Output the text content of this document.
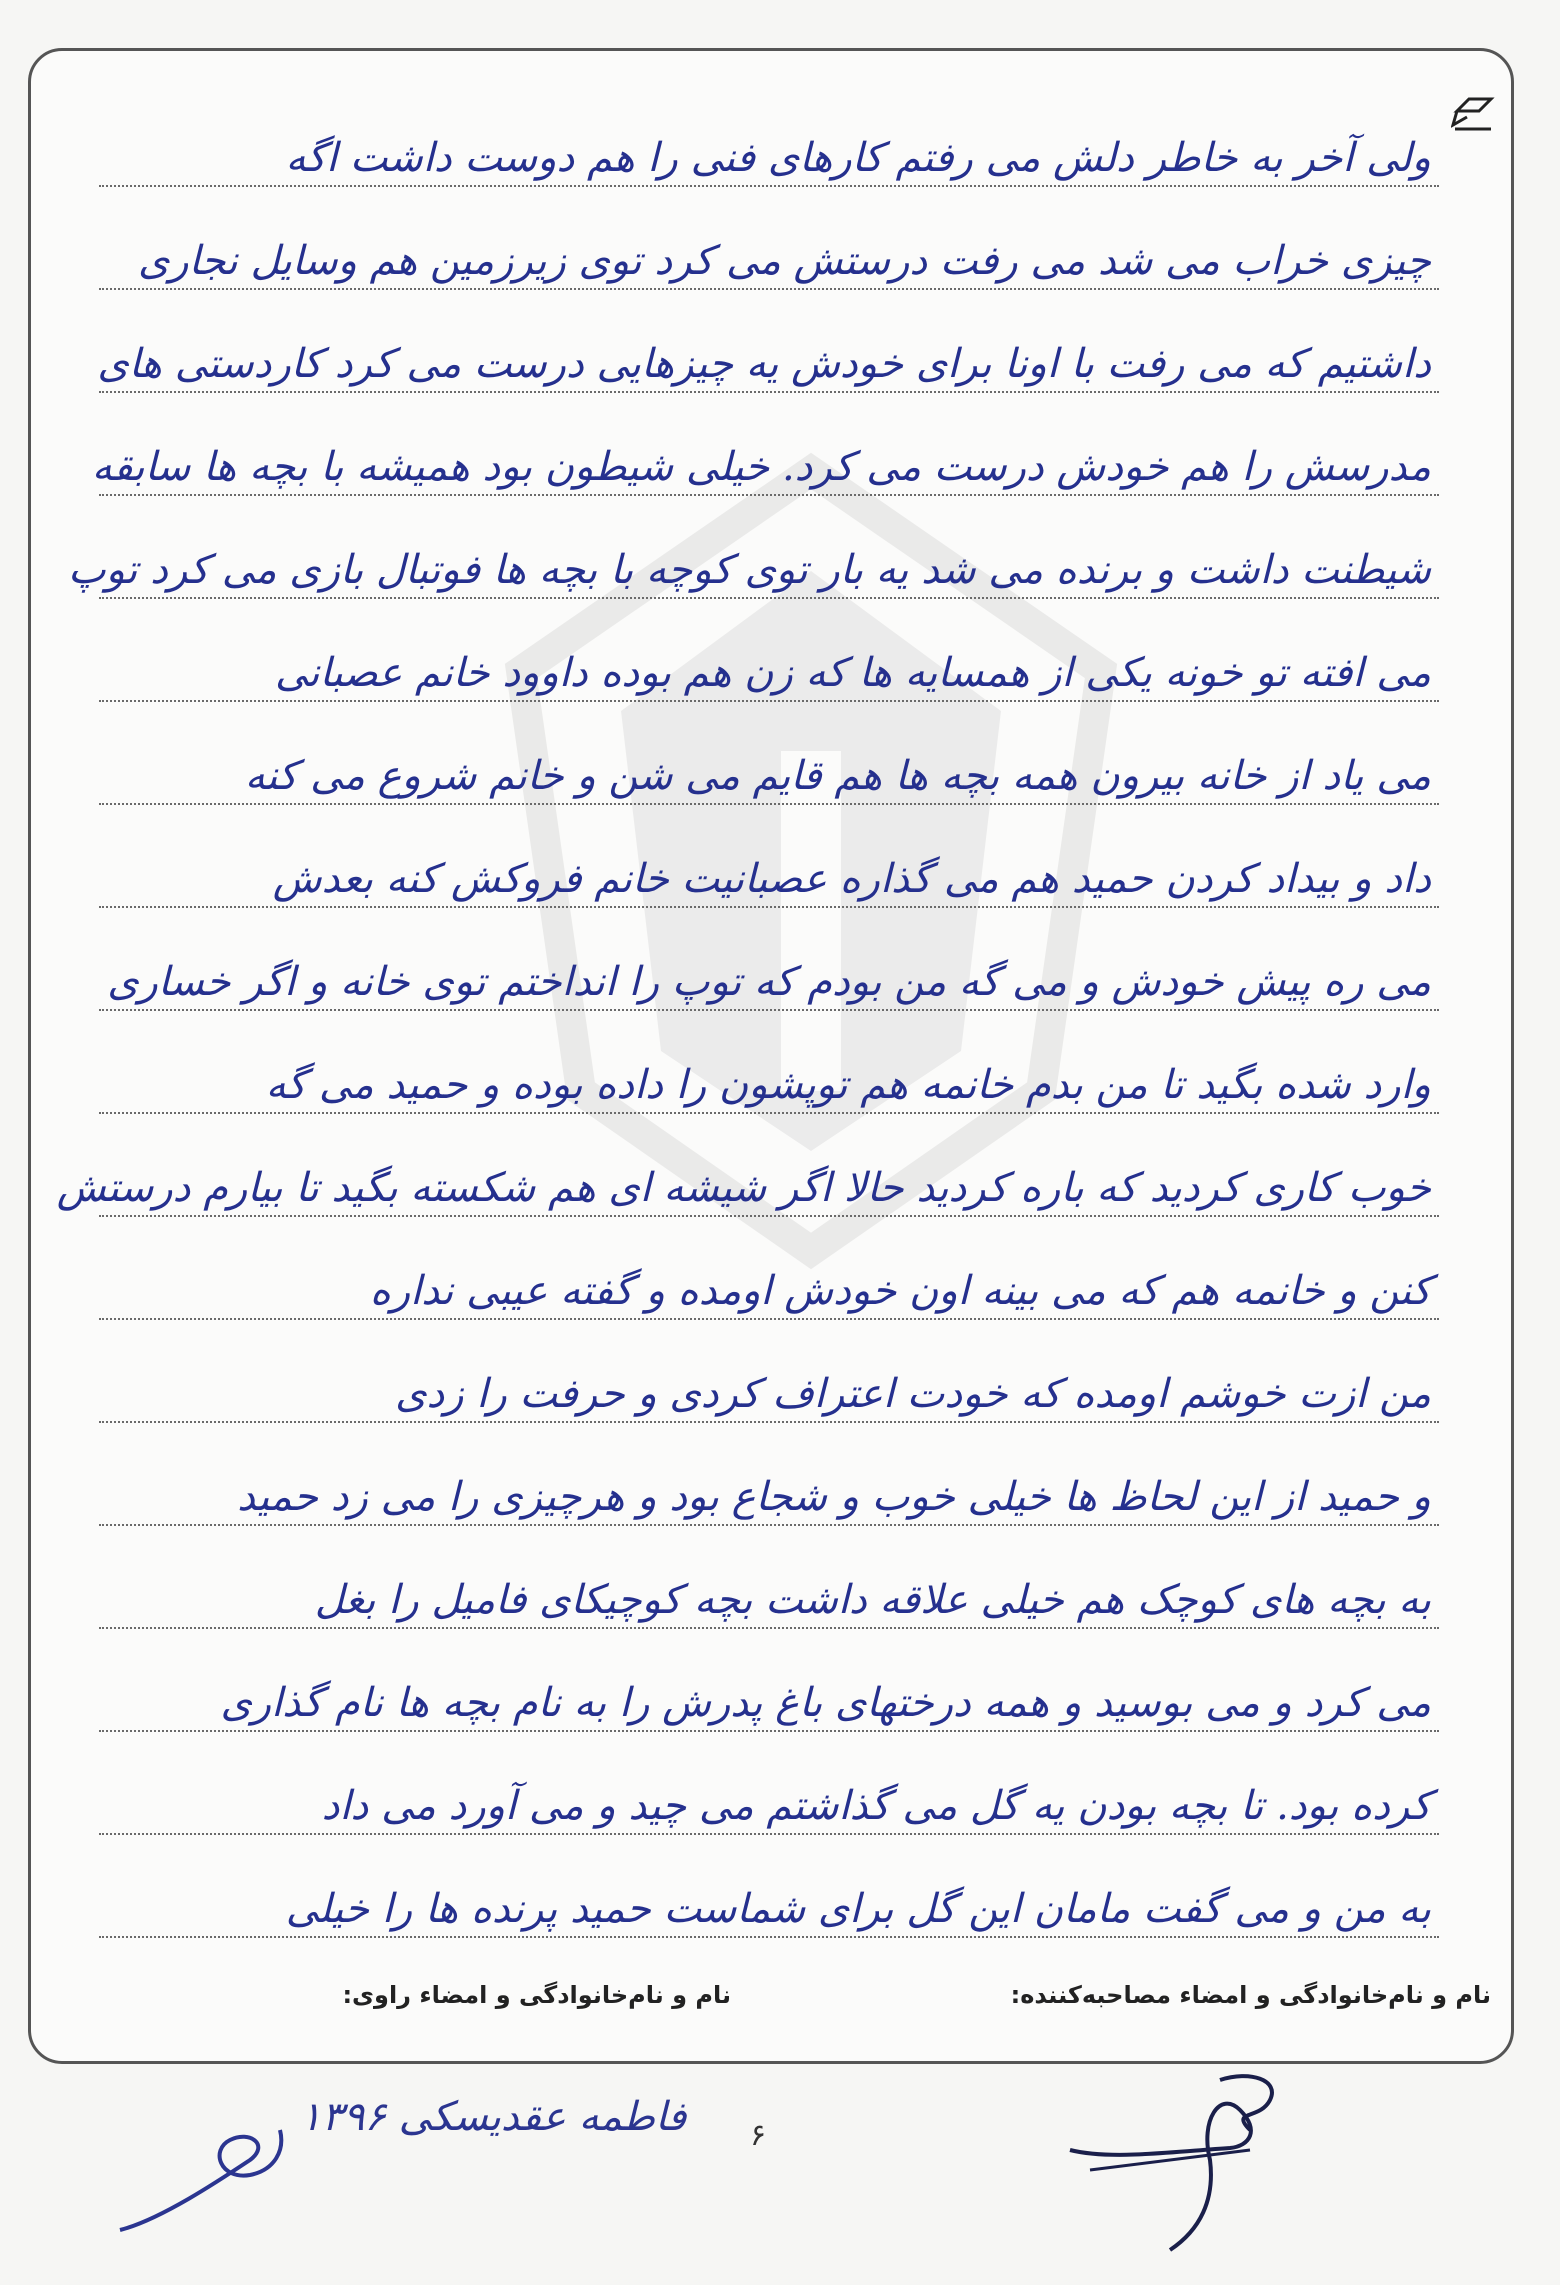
ولی آخر به خاطر دلش می رفتم کارهای فنی را هم دوست داشت اگه
چیزی خراب می شد می رفت درستش می کرد توی زیرزمین هم وسایل نجاری
داشتیم که می رفت با اونا برای خودش یه چیزهایی درست می کرد کاردستی های
مدرسش را هم خودش درست می کرد. خیلی شیطون بود همیشه با بچه ها سابقه
شیطنت داشت و برنده می شد یه بار توی کوچه با بچه ها فوتبال بازی می کرد توپ
می افته تو خونه یکی از همسایه ها که زن هم بوده داوود خانم عصبانی
می یاد از خانه بیرون همه بچه ها هم قایم می شن و خانم شروع می کنه
داد و بیداد کردن حمید هم می گذاره عصبانیت خانم فروکش کنه بعدش
می ره پیش خودش و می گه من بودم که توپ را انداختم توی خانه و اگر خساری
وارد شده بگید تا من بدم خانمه هم توپشون را داده بوده و حمید می گه
خوب کاری کردید که باره کردید حالا اگر شیشه ای هم شکسته بگید تا بیارم درستش
کنن و خانمه هم که می بینه اون خودش اومده و گفته عیبی نداره
من ازت خوشم اومده که خودت اعتراف کردی و حرفت را زدی
و حمید از این لحاظ ها خیلی خوب و شجاع بود و هرچیزی را می زد حمید
به بچه های کوچک هم خیلی علاقه داشت بچه کوچیکای فامیل را بغل
می کرد و می بوسید و همه درختهای باغ پدرش را به نام بچه ها نام گذاری
کرده بود. تا بچه بودن یه گل می گذاشتم می چید و می آورد می داد
به من و می گفت مامان این گل برای شماست حمید پرنده ها را خیلی
نام و نام‌خانوادگی و امضاء مصاحبه‌کننده:
نام و نام‌خانوادگی و امضاء راوی:
۶
فاطمه عقدیسکی ۱۳۹۶
